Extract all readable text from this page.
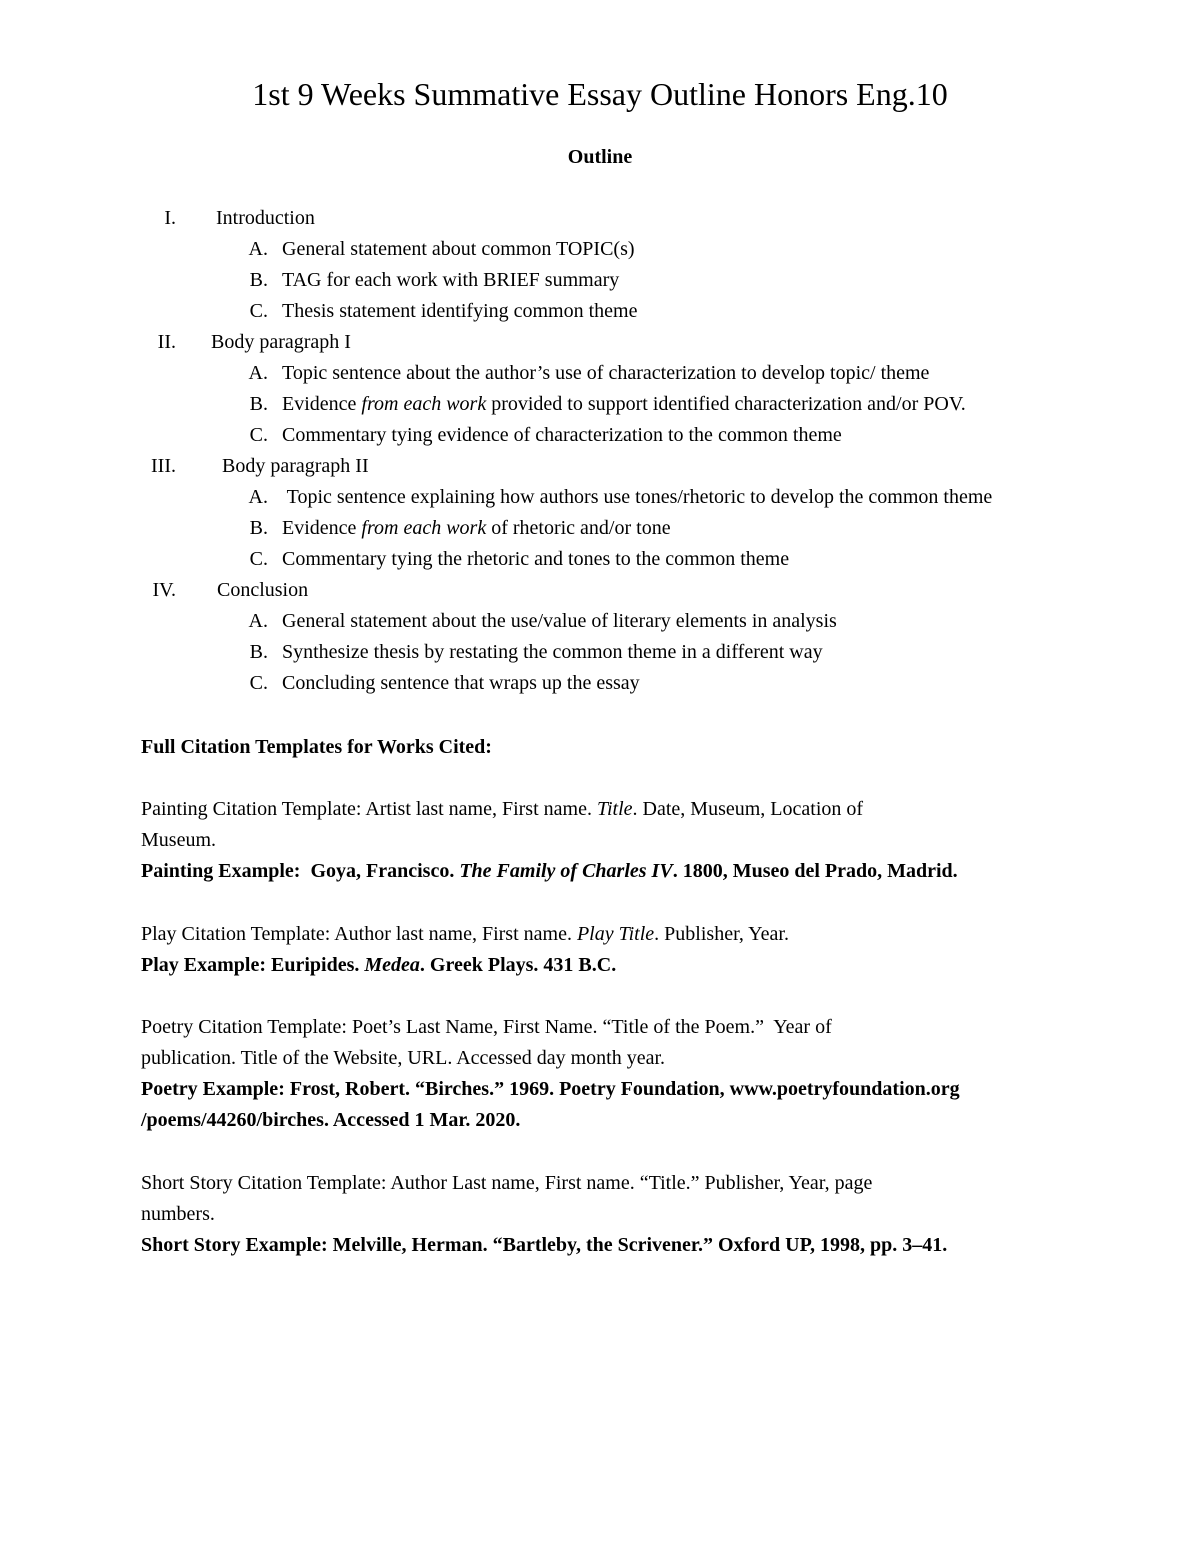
1st 9 Weeks Summative Essay Outline Honors Eng.10
Outline
I. Introduction
A. General statement about common TOPIC(s)
B. TAG for each work with BRIEF summary
C. Thesis statement identifying common theme
II. Body paragraph I
A. Topic sentence about the author’s use of characterization to develop topic/ theme
B. Evidence from each work provided to support identified characterization and/or POV.
C. Commentary tying evidence of characterization to the common theme
III. Body paragraph II
A. Topic sentence explaining how authors use tones/rhetoric to develop the common theme
B. Evidence from each work of rhetoric and/or tone
C. Commentary tying the rhetoric and tones to the common theme
IV. Conclusion
A. General statement about the use/value of literary elements in analysis
B. Synthesize thesis by restating the common theme in a different way
C. Concluding sentence that wraps up the essay
Full Citation Templates for Works Cited:
Painting Citation Template: Artist last name, First name. Title. Date, Museum, Location of
Museum.
Painting Example:  Goya, Francisco. The Family of Charles IV. 1800, Museo del Prado, Madrid.
Play Citation Template: Author last name, First name. Play Title. Publisher, Year.
Play Example: Euripides. Medea. Greek Plays. 431 B.C.
Poetry Citation Template: Poet’s Last Name, First Name. “Title of the Poem.”  Year of
publication. Title of the Website, URL. Accessed day month year.
Poetry Example: Frost, Robert. “Birches.” 1969. Poetry Foundation, www.poetryfoundation.org
/poems/44260/birches. Accessed 1 Mar. 2020.
Short Story Citation Template: Author Last name, First name. “Title.” Publisher, Year, page
numbers.
Short Story Example: Melville, Herman. “Bartleby, the Scrivener.” Oxford UP, 1998, pp. 3–41.
